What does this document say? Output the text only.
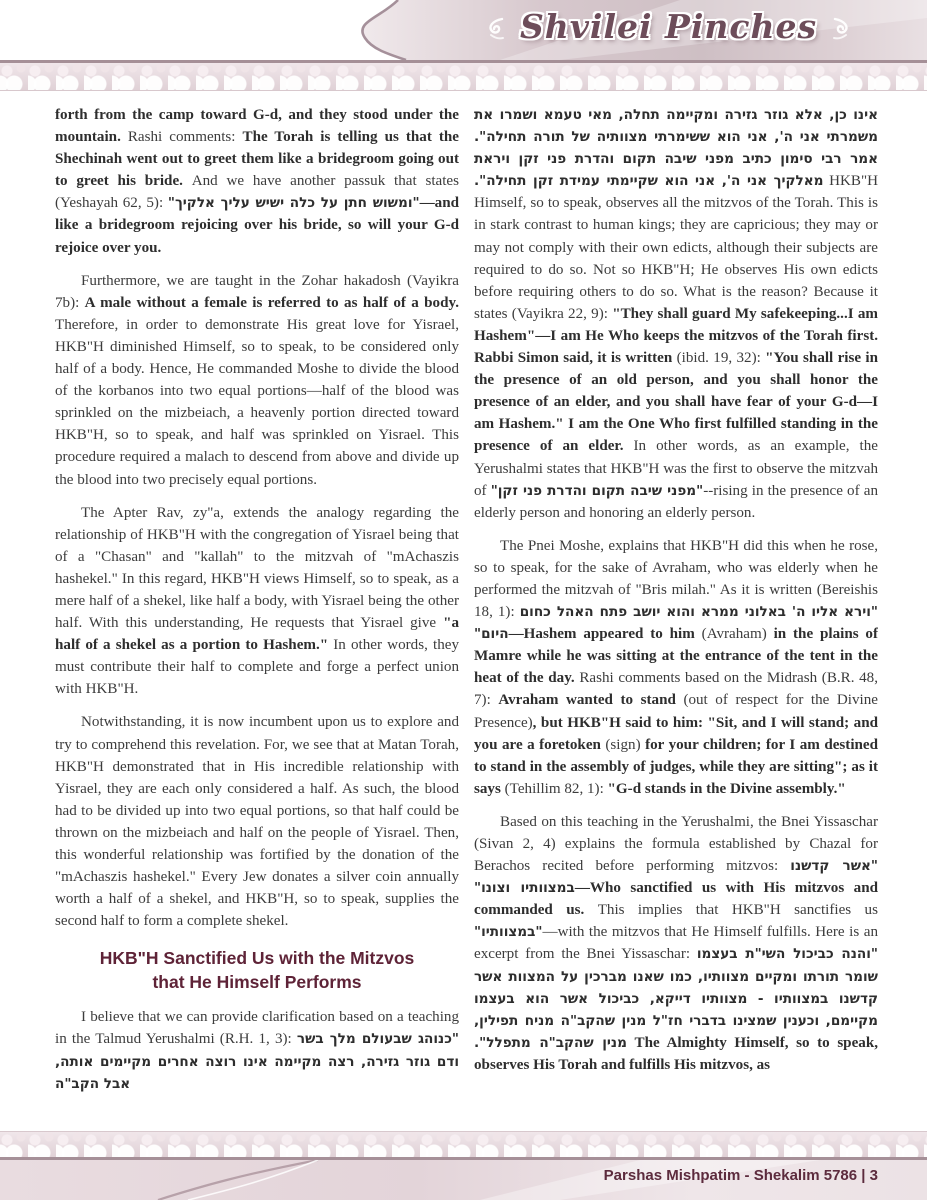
Shvilei Pinches

forth from the camp toward G-d, and they stood under the mountain. Rashi comments: The Torah is telling us that the Shechinah went out to greet them like a bridegroom going out to greet his bride. And we have another passuk that states (Yeshayah 62, 5): "ומשוש חתן על כלה ישיש עליך אלקיך"—and like a bridegroom rejoicing over his bride, so will your G-d rejoice over you.

Furthermore, we are taught in the Zohar hakadosh (Vayikra 7b): A male without a female is referred to as half of a body. Therefore, in order to demonstrate His great love for Yisrael, HKB"H diminished Himself, so to speak, to be considered only half of a body. Hence, He commanded Moshe to divide the blood of the korbanos into two equal portions—half of the blood was sprinkled on the mizbeiach, a heavenly portion directed toward HKB"H, so to speak, and half was sprinkled on Yisrael. This procedure required a malach to descend from above and divide up the blood into two precisely equal portions.

The Apter Rav, zy"a, extends the analogy regarding the relationship of HKB"H with the congregation of Yisrael being that of a "Chasan" and "kallah" to the mitzvah of "mAchaszis hashekel." In this regard, HKB"H views Himself, so to speak, as a mere half of a shekel, like half a body, with Yisrael being the other half. With this understanding, He requests that Yisrael give "a half of a shekel as a portion to Hashem." In other words, they must contribute their half to complete and forge a perfect union with HKB"H.

Notwithstanding, it is now incumbent upon us to explore and try to comprehend this revelation. For, we see that at Matan Torah, HKB"H demonstrated that in His incredible relationship with Yisrael, they are each only considered a half. As such, the blood had to be divided up into two equal portions, so that half could be thrown on the mizbeiach and half on the people of Yisrael. Then, this wonderful relationship was fortified by the donation of the "mAchaszis hashekel." Every Jew donates a silver coin annually worth a half of a shekel, and HKB"H, so to speak, supplies the second half to form a complete shekel.

HKB"H Sanctified Us with the Mitzvos
that He Himself Performs

I believe that we can provide clarification based on a teaching in the Talmud Yerushalmi (R.H. 1, 3): "כנוהג שבעולם מלך בשר ודם גוזר גזירה, רצה מקיימה אינו רוצה אחרים מקיימים אותה, אבל הקב"ה

אינו כן, אלא גוזר גזירה ומקיימה תחלה, מאי טעמא ושמרו את משמרתי אני ה', אני הוא ששימרתי מצוותיה של תורה תחילה". אמר רבי סימון כתיב מפני שיבה תקום והדרת פני זקן ויראת מאלקיך אני ה', אני הוא שקיימתי עמידת זקן תחילה". HKB"H Himself, so to speak, observes all the mitzvos of the Torah. This is in stark contrast to human kings; they are capricious; they may or may not comply with their own edicts, although their subjects are required to do so. Not so HKB"H; He observes His own edicts before requiring others to do so. What is the reason? Because it states (Vayikra 22, 9): "They shall guard My safekeeping...I am Hashem"—I am He Who keeps the mitzvos of the Torah first. Rabbi Simon said, it is written (ibid. 19, 32): "You shall rise in the presence of an old person, and you shall honor the presence of an elder, and you shall have fear of your G-d—I am Hashem." I am the One Who first fulfilled standing in the presence of an elder. In other words, as an example, the Yerushalmi states that HKB"H was the first to observe the mitzvah of "מפני שיבה תקום והדרת פני זקן"--rising in the presence of an elderly person and honoring an elderly person.

The Pnei Moshe, explains that HKB"H did this when he rose, so to speak, for the sake of Avraham, who was elderly when he performed the mitzvah of "Bris milah." As it is written (Bereishis 18, 1): "וירא אליו ה' באלוני ממרא והוא יושב פתח האהל כחום היום"—Hashem appeared to him (Avraham) in the plains of Mamre while he was sitting at the entrance of the tent in the heat of the day. Rashi comments based on the Midrash (B.R. 48, 7): Avraham wanted to stand (out of respect for the Divine Presence), but HKB"H said to him: "Sit, and I will stand; and you are a foretoken (sign) for your children; for I am destined to stand in the assembly of judges, while they are sitting"; as it says (Tehillim 82, 1): "G-d stands in the Divine assembly."

Based on this teaching in the Yerushalmi, the Bnei Yissaschar (Sivan 2, 4) explains the formula established by Chazal for Berachos recited before performing mitzvos: "אשר קדשנו במצוותיו וצונו"—Who sanctified us with His mitzvos and commanded us. This implies that HKB"H sanctifies us "במצוותיו"—with the mitzvos that He Himself fulfills. Here is an excerpt from the Bnei Yissaschar: "והנה כביכול השי"ת בעצמו שומר תורתו ומקיים מצוותיו, כמו שאנו מברכין על המצוות אשר קדשנו במצוותיו - מצוותיו דייקא, כביכול אשר הוא בעצמו מקיימם, וכענין שמצינו בדברי חז"ל מנין שהקב"ה מניח תפילין, מנין שהקב"ה מתפלל". The Almighty Himself, so to speak, observes His Torah and fulfills His mitzvos, as

Parshas Mishpatim - Shekalim 5786 | 3
